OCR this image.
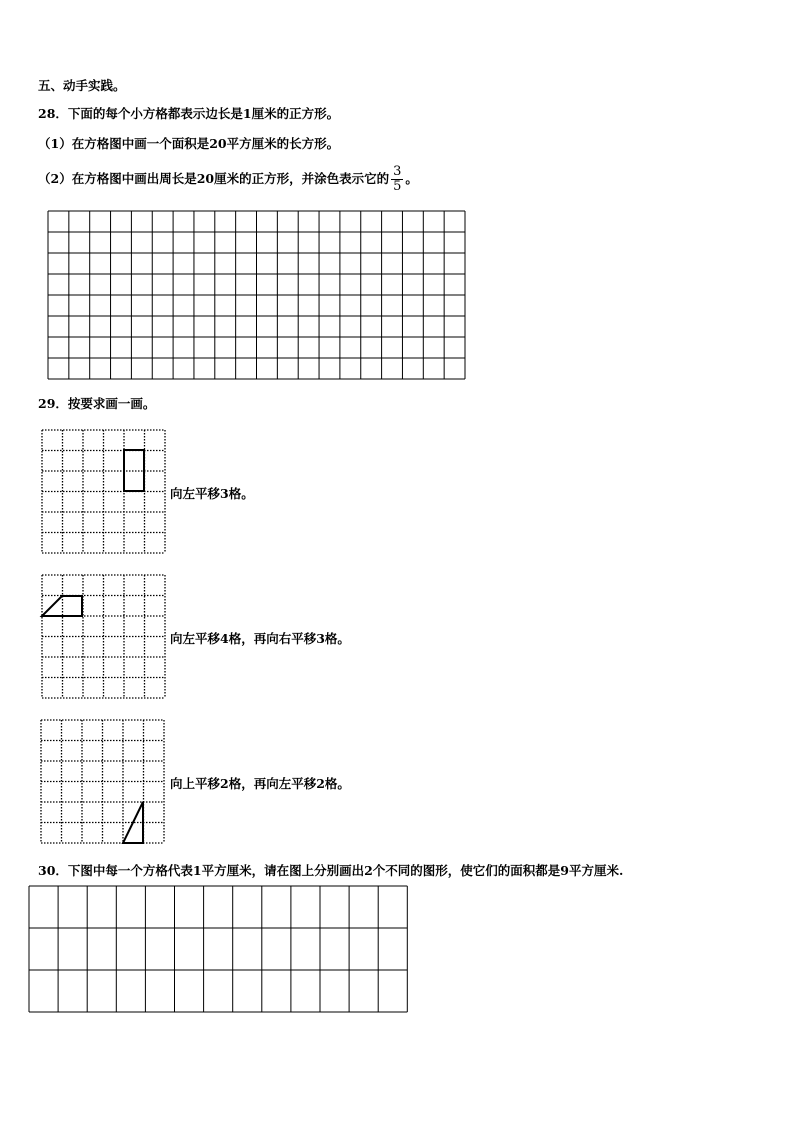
五、动手实践。
28．下面的每个小方格都表示边长是1厘米的正方形。
（1）在方格图中画一个面积是20平方厘米的长方形。
（2）在方格图中画出周长是20厘米的正方形，并涂色表示它的 $\frac{3}{5}$ 。
29．按要求画一画。
向左平移3格。
向左平移4格，再向右平移3格。
向上平移2格，再向左平移2格。
30．下图中每一个方格代表1平方厘米，请在图上分别画出2个不同的图形，使它们的面积都是9平方厘米.
